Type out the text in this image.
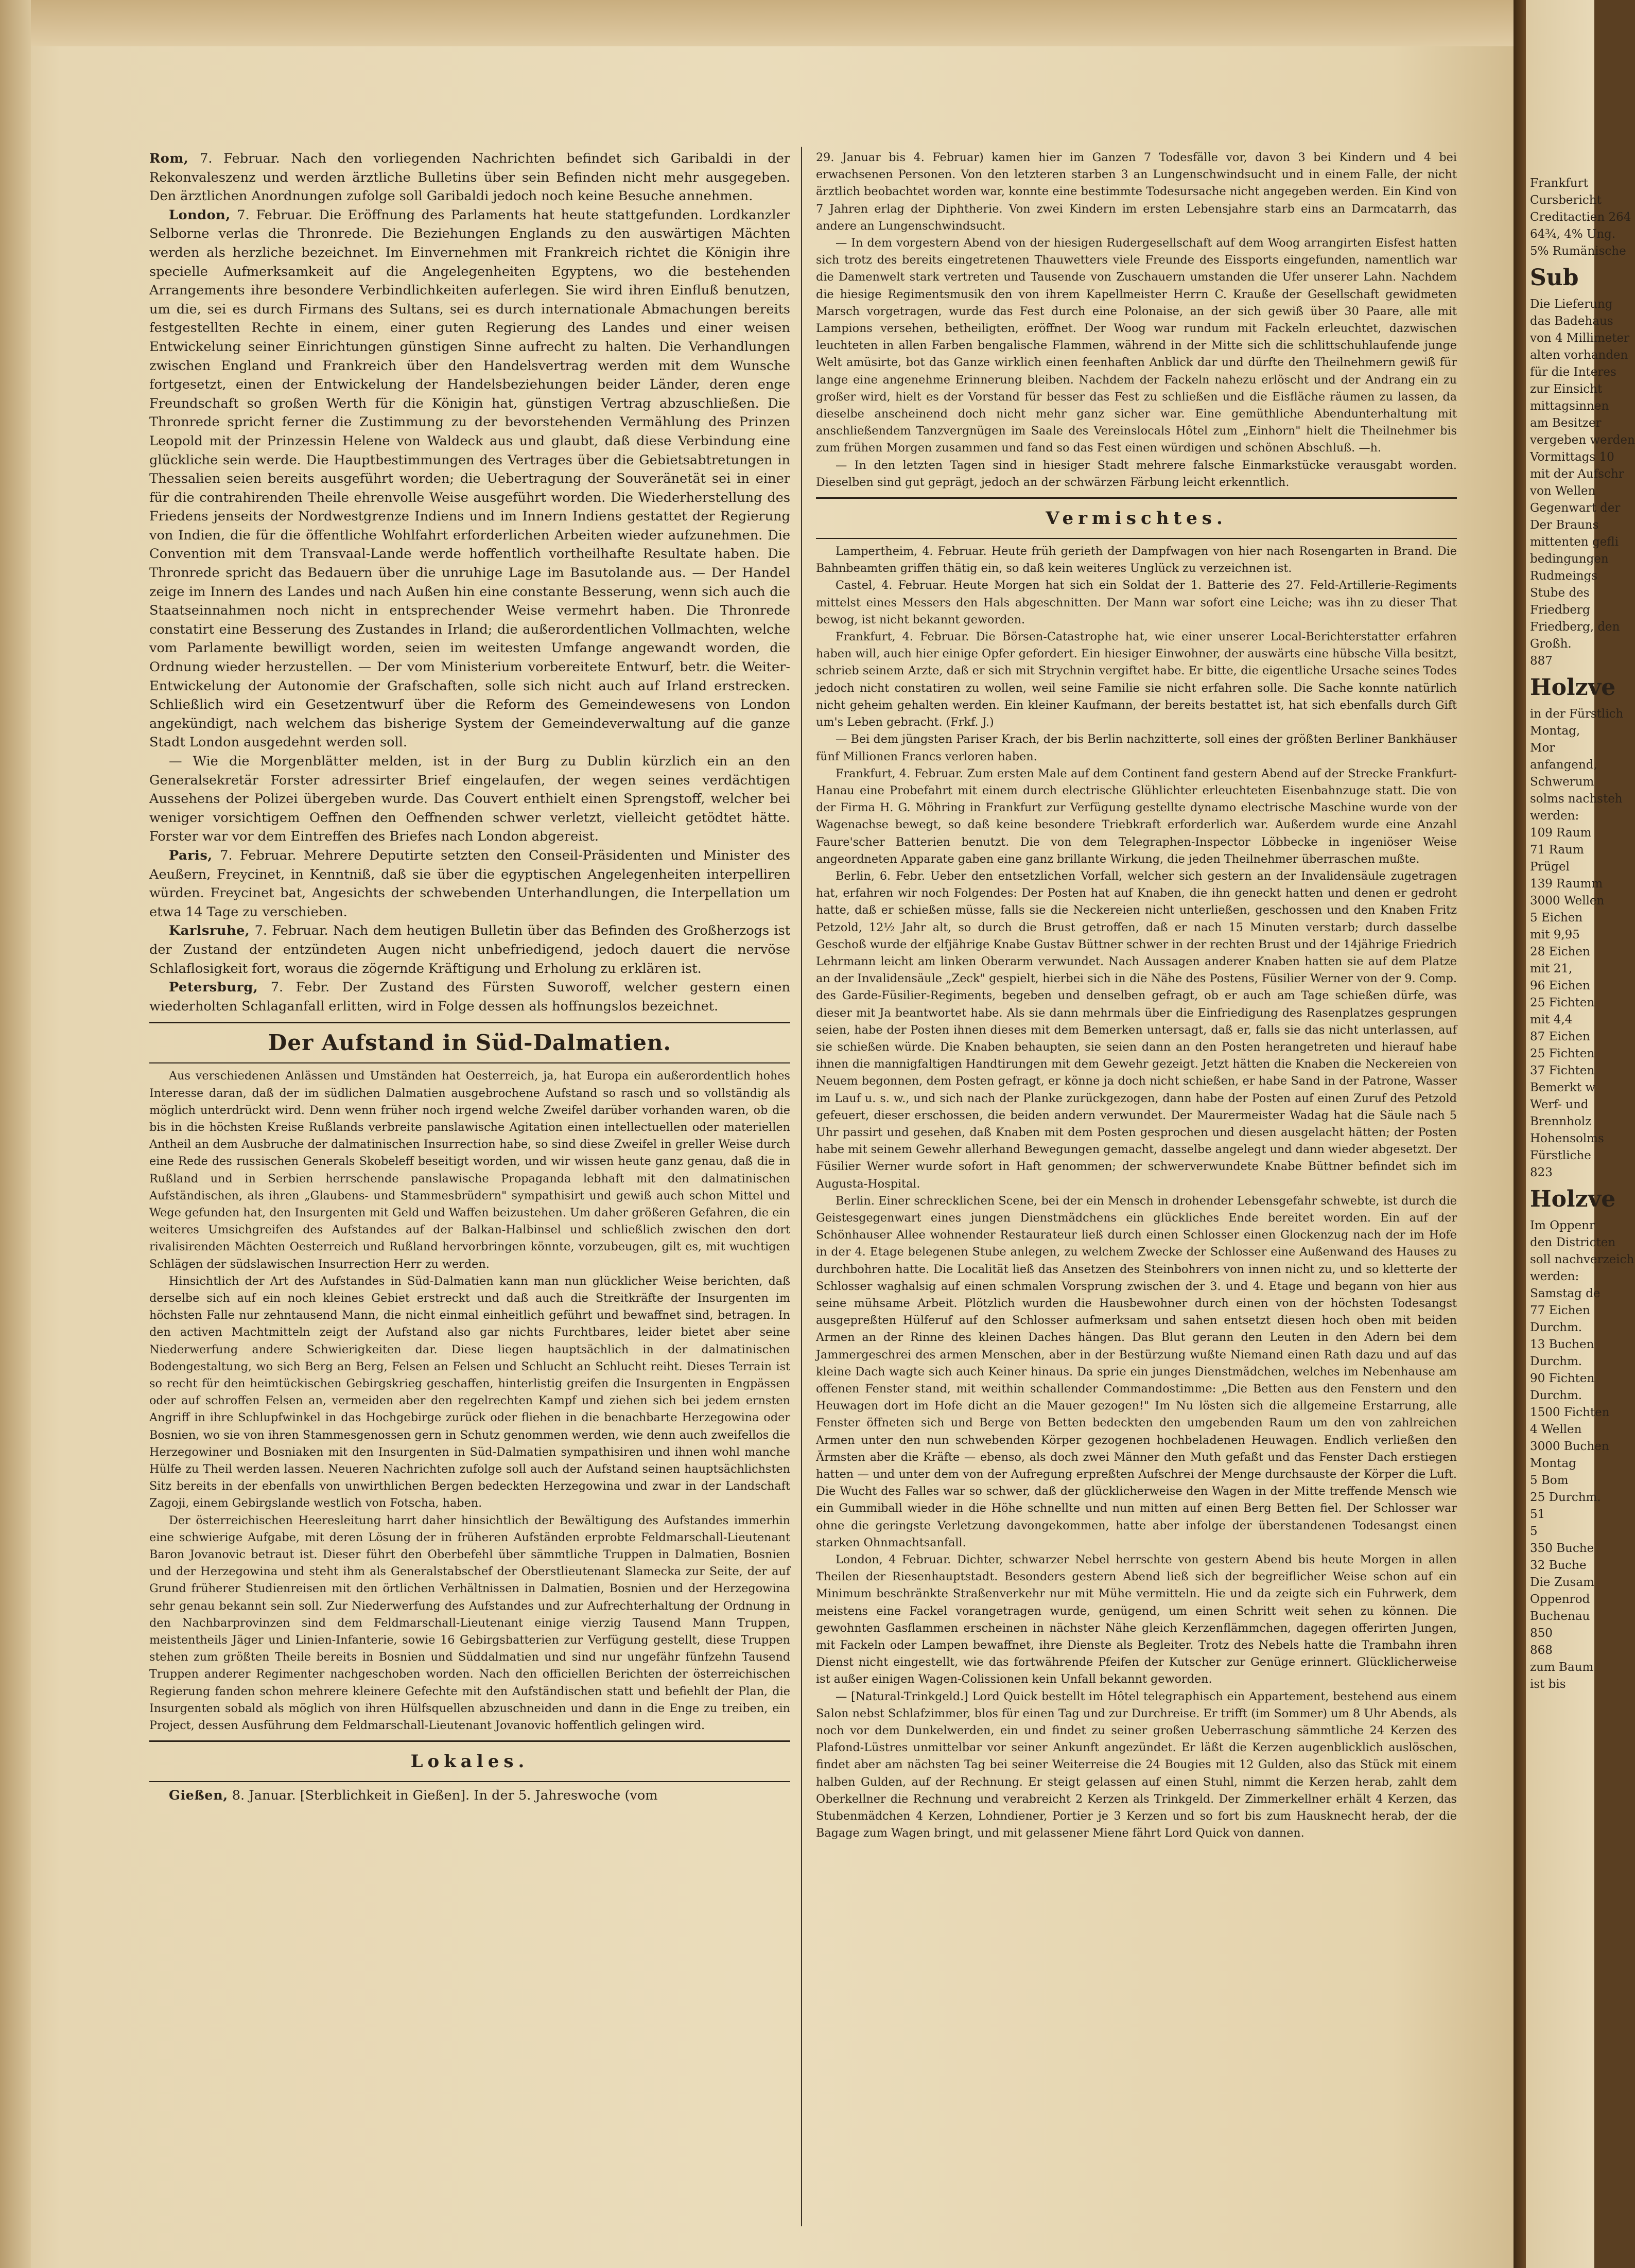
Rom, 7. Februar. Nach den vorliegenden Nachrichten befindet sich Garibaldi in der Rekonvaleszenz und werden ärztliche Bulletins über sein Befinden nicht mehr ausgegeben. Den ärztlichen Anordnungen zufolge soll Garibaldi jedoch noch keine Besuche annehmen.

London, 7. Februar. Die Eröffnung des Parlaments hat heute stattgefunden. Lordkanzler Selborne verlas die Thronrede. Die Beziehungen Englands zu den auswärtigen Mächten werden als herzliche bezeichnet. Im Einvernehmen mit Frankreich richtet die Königin ihre specielle Aufmerksamkeit auf die Angelegenheiten Egyptens, wo die bestehenden Arrangements ihre besondere Verbindlichkeiten auferlegen. Sie wird ihren Einfluß benutzen, um die, sei es durch Firmans des Sultans, sei es durch internationale Abmachungen bereits festgestellten Rechte in einem, einer guten Regierung des Landes und einer weisen Entwickelung seiner Einrichtungen günstigen Sinne aufrecht zu halten. Die Verhandlungen zwischen England und Frankreich über den Handelsvertrag werden mit dem Wunsche fortgesetzt, einen der Entwickelung der Handelsbeziehungen beider Länder, deren enge Freundschaft so großen Werth für die Königin hat, günstigen Vertrag abzuschließen. Die Thronrede spricht ferner die Zustimmung zu der bevorstehenden Vermählung des Prinzen Leopold mit der Prinzessin Helene von Waldeck aus und glaubt, daß diese Verbindung eine glückliche sein werde. Die Hauptbestimmungen des Vertrages über die Gebietsabtretungen in Thessalien seien bereits ausgeführt worden; die Uebertragung der Souveränetät sei in einer für die contrahirenden Theile ehrenvolle Weise ausgeführt worden. Die Wiederherstellung des Friedens jenseits der Nordwestgrenze Indiens und im Innern Indiens gestattet der Regierung von Indien, die für die öffentliche Wohlfahrt erforderlichen Arbeiten wieder aufzunehmen. Die Convention mit dem Transvaal-Lande werde hoffentlich vortheilhafte Resultate haben. Die Thronrede spricht das Bedauern über die unruhige Lage im Basutolande aus. — Der Handel zeige im Innern des Landes und nach Außen hin eine constante Besserung, wenn sich auch die Staatseinnahmen noch nicht in entsprechender Weise vermehrt haben. Die Thronrede constatirt eine Besserung des Zustandes in Irland; die außerordentlichen Vollmachten, welche vom Parlamente bewilligt worden, seien im weitesten Umfange angewandt worden, die Ordnung wieder herzustellen. — Der vom Ministerium vorbereitete Entwurf, betr. die Weiter-Entwickelung der Autonomie der Grafschaften, solle sich nicht auch auf Irland erstrecken. Schließlich wird ein Gesetzentwurf über die Reform des Gemeindewesens von London angekündigt, nach welchem das bisherige System der Gemeindeverwaltung auf die ganze Stadt London ausgedehnt werden soll.

— Wie die Morgenblätter melden, ist in der Burg zu Dublin kürzlich ein an den Generalsekretär Forster adressirter Brief eingelaufen, der wegen seines verdächtigen Aussehens der Polizei übergeben wurde. Das Couvert enthielt einen Sprengstoff, welcher bei weniger vorsichtigem Oeffnen den Oeffnenden schwer verletzt, vielleicht getödtet hätte. Forster war vor dem Eintreffen des Briefes nach London abgereist.

Paris, 7. Februar. Mehrere Deputirte setzten den Conseil-Präsidenten und Minister des Aeußern, Freycinet, in Kenntniß, daß sie über die egyptischen Angelegenheiten interpelliren würden. Freycinet bat, Angesichts der schwebenden Unterhandlungen, die Interpellation um etwa 14 Tage zu verschieben.

Karlsruhe, 7. Februar. Nach dem heutigen Bulletin über das Befinden des Großherzogs ist der Zustand der entzündeten Augen nicht unbefriedigend, jedoch dauert die nervöse Schlaflosigkeit fort, woraus die zögernde Kräftigung und Erholung zu erklären ist.

Petersburg, 7. Febr. Der Zustand des Fürsten Suworoff, welcher gestern einen wiederholten Schlaganfall erlitten, wird in Folge dessen als hoffnungslos bezeichnet.

Der Aufstand in Süd-Dalmatien.

Aus verschiedenen Anlässen und Umständen hat Oesterreich, ja, hat Europa ein außerordentlich hohes Interesse daran, daß der im südlichen Dalmatien ausgebrochene Aufstand so rasch und so vollständig als möglich unterdrückt wird. Denn wenn früher noch irgend welche Zweifel darüber vorhanden waren, ob die bis in die höchsten Kreise Rußlands verbreite panslawische Agitation einen intellectuellen oder materiellen Antheil an dem Ausbruche der dalmatinischen Insurrection habe, so sind diese Zweifel in greller Weise durch eine Rede des russischen Generals Skobeleff beseitigt worden, und wir wissen heute ganz genau, daß die in Rußland und in Serbien herrschende panslawische Propaganda lebhaft mit den dalmatinischen Aufständischen, als ihren „Glaubens- und Stammesbrüdern" sympathisirt und gewiß auch schon Mittel und Wege gefunden hat, den Insurgenten mit Geld und Waffen beizustehen. Um daher größeren Gefahren, die ein weiteres Umsichgreifen des Aufstandes auf der Balkan-Halbinsel und schließlich zwischen den dort rivalisirenden Mächten Oesterreich und Rußland hervorbringen könnte, vorzubeugen, gilt es, mit wuchtigen Schlägen der südslawischen Insurrection Herr zu werden.

Hinsichtlich der Art des Aufstandes in Süd-Dalmatien kann man nun glücklicher Weise berichten, daß derselbe sich auf ein noch kleines Gebiet erstreckt und daß auch die Streitkräfte der Insurgenten im höchsten Falle nur zehntausend Mann, die nicht einmal einheitlich geführt und bewaffnet sind, betragen. In den activen Machtmitteln zeigt der Aufstand also gar nichts Furchtbares, leider bietet aber seine Niederwerfung andere Schwierigkeiten dar. Diese liegen hauptsächlich in der dalmatinischen Bodengestaltung, wo sich Berg an Berg, Felsen an Felsen und Schlucht an Schlucht reiht. Dieses Terrain ist so recht für den heimtückischen Gebirgskrieg geschaffen, hinterlistig greifen die Insurgenten in Engpässen oder auf schroffen Felsen an, vermeiden aber den regelrechten Kampf und ziehen sich bei jedem ernsten Angriff in ihre Schlupfwinkel in das Hochgebirge zurück oder fliehen in die benachbarte Herzegowina oder Bosnien, wo sie von ihren Stammesgenossen gern in Schutz genommen werden, wie denn auch zweifellos die Herzegowiner und Bosniaken mit den Insurgenten in Süd-Dalmatien sympathisiren und ihnen wohl manche Hülfe zu Theil werden lassen. Neueren Nachrichten zufolge soll auch der Aufstand seinen hauptsächlichsten Sitz bereits in der ebenfalls von unwirthlichen Bergen bedeckten Herzegowina und zwar in der Landschaft Zagoji, einem Gebirgslande westlich von Fotscha, haben.

Der österreichischen Heeresleitung harrt daher hinsichtlich der Bewältigung des Aufstandes immerhin eine schwierige Aufgabe, mit deren Lösung der in früheren Aufständen erprobte Feldmarschall-Lieutenant Baron Jovanovic betraut ist. Dieser führt den Oberbefehl über sämmtliche Truppen in Dalmatien, Bosnien und der Herzegowina und steht ihm als Generalstabschef der Oberstlieutenant Slamecka zur Seite, der auf Grund früherer Studienreisen mit den örtlichen Verhältnissen in Dalmatien, Bosnien und der Herzegowina sehr genau bekannt sein soll. Zur Niederwerfung des Aufstandes und zur Aufrechterhaltung der Ordnung in den Nachbarprovinzen sind dem Feldmarschall-Lieutenant einige vierzig Tausend Mann Truppen, meistentheils Jäger und Linien-Infanterie, sowie 16 Gebirgsbatterien zur Verfügung gestellt, diese Truppen stehen zum größten Theile bereits in Bosnien und Süddalmatien und sind nur ungefähr fünfzehn Tausend Truppen anderer Regimenter nachgeschoben worden. Nach den officiellen Berichten der österreichischen Regierung fanden schon mehrere kleinere Gefechte mit den Aufständischen statt und befiehlt der Plan, die Insurgenten sobald als möglich von ihren Hülfsquellen abzuschneiden und dann in die Enge zu treiben, ein Project, dessen Ausführung dem Feldmarschall-Lieutenant Jovanovic hoffentlich gelingen wird.

Lokales.

Gießen, 8. Januar. [Sterblichkeit in Gießen]. In der 5. Jahreswoche (vom

29. Januar bis 4. Februar) kamen hier im Ganzen 7 Todesfälle vor, davon 3 bei Kindern und 4 bei erwachsenen Personen. Von den letzteren starben 3 an Lungenschwindsucht und in einem Falle, der nicht ärztlich beobachtet worden war, konnte eine bestimmte Todesursache nicht angegeben werden. Ein Kind von 7 Jahren erlag der Diphtherie. Von zwei Kindern im ersten Lebensjahre starb eins an Darmcatarrh, das andere an Lungenschwindsucht.

— In dem vorgestern Abend von der hiesigen Rudergesellschaft auf dem Woog arrangirten Eisfest hatten sich trotz des bereits eingetretenen Thauwetters viele Freunde des Eissports eingefunden, namentlich war die Damenwelt stark vertreten und Tausende von Zuschauern umstanden die Ufer unserer Lahn. Nachdem die hiesige Regimentsmusik den von ihrem Kapellmeister Herrn C. Krauße der Gesellschaft gewidmeten Marsch vorgetragen, wurde das Fest durch eine Polonaise, an der sich gewiß über 30 Paare, alle mit Lampions versehen, betheiligten, eröffnet. Der Woog war rundum mit Fackeln erleuchtet, dazwischen leuchteten in allen Farben bengalische Flammen, während in der Mitte sich die schlittschuhlaufende junge Welt amüsirte, bot das Ganze wirklich einen feenhaften Anblick dar und dürfte den Theilnehmern gewiß für lange eine angenehme Erinnerung bleiben. Nachdem der Fackeln nahezu erlöscht und der Andrang ein zu großer wird, hielt es der Vorstand für besser das Fest zu schließen und die Eisfläche räumen zu lassen, da dieselbe anscheinend doch nicht mehr ganz sicher war. Eine gemüthliche Abendunterhaltung mit anschließendem Tanzvergnügen im Saale des Vereinslocals Hôtel zum „Einhorn" hielt die Theilnehmer bis zum frühen Morgen zusammen und fand so das Fest einen würdigen und schönen Abschluß. —h.

— In den letzten Tagen sind in hiesiger Stadt mehrere falsche Einmarkstücke verausgabt worden. Dieselben sind gut geprägt, jedoch an der schwärzen Färbung leicht erkenntlich.

Vermischtes.

Lampertheim, 4. Februar. Heute früh gerieth der Dampfwagen von hier nach Rosengarten in Brand. Die Bahnbeamten griffen thätig ein, so daß kein weiteres Unglück zu verzeichnen ist.

Castel, 4. Februar. Heute Morgen hat sich ein Soldat der 1. Batterie des 27. Feld-Artillerie-Regiments mittelst eines Messers den Hals abgeschnitten. Der Mann war sofort eine Leiche; was ihn zu dieser That bewog, ist nicht bekannt geworden.

Frankfurt, 4. Februar. Die Börsen-Catastrophe hat, wie einer unserer Local-Berichterstatter erfahren haben will, auch hier einige Opfer gefordert. Ein hiesiger Einwohner, der auswärts eine hübsche Villa besitzt, schrieb seinem Arzte, daß er sich mit Strychnin vergiftet habe. Er bitte, die eigentliche Ursache seines Todes jedoch nicht constatiren zu wollen, weil seine Familie sie nicht erfahren solle. Die Sache konnte natürlich nicht geheim gehalten werden. Ein kleiner Kaufmann, der bereits bestattet ist, hat sich ebenfalls durch Gift um's Leben gebracht. (Frkf. J.)

— Bei dem jüngsten Pariser Krach, der bis Berlin nachzitterte, soll eines der größten Berliner Bankhäuser fünf Millionen Francs verloren haben.

Frankfurt, 4. Februar. Zum ersten Male auf dem Continent fand gestern Abend auf der Strecke Frankfurt-Hanau eine Probefahrt mit einem durch electrische Glühlichter erleuchteten Eisenbahnzuge statt. Die von der Firma H. G. Möhring in Frankfurt zur Verfügung gestellte dynamo electrische Maschine wurde von der Wagenachse bewegt, so daß keine besondere Triebkraft erforderlich war. Außerdem wurde eine Anzahl Faure'scher Batterien benutzt. Die von dem Telegraphen-Inspector Löbbecke in ingeniöser Weise angeordneten Apparate gaben eine ganz brillante Wirkung, die jeden Theilnehmer überraschen mußte.

Berlin, 6. Febr. Ueber den entsetzlichen Vorfall, welcher sich gestern an der Invalidensäule zugetragen hat, erfahren wir noch Folgendes: Der Posten hat auf Knaben, die ihn geneckt hatten und denen er gedroht hatte, daß er schießen müsse, falls sie die Neckereien nicht unterließen, geschossen und den Knaben Fritz Petzold, 12½ Jahr alt, so durch die Brust getroffen, daß er nach 15 Minuten verstarb; durch dasselbe Geschoß wurde der elfjährige Knabe Gustav Büttner schwer in der rechten Brust und der 14jährige Friedrich Lehrmann leicht am linken Oberarm verwundet. Nach Aussagen anderer Knaben hatten sie auf dem Platze an der Invalidensäule „Zeck" gespielt, hierbei sich in die Nähe des Postens, Füsilier Werner von der 9. Comp. des Garde-Füsilier-Regiments, begeben und denselben gefragt, ob er auch am Tage schießen dürfe, was dieser mit Ja beantwortet habe. Als sie dann mehrmals über die Einfriedigung des Rasenplatzes gesprungen seien, habe der Posten ihnen dieses mit dem Bemerken untersagt, daß er, falls sie das nicht unterlassen, auf sie schießen würde. Die Knaben behaupten, sie seien dann an den Posten herangetreten und hierauf habe ihnen die mannigfaltigen Handtirungen mit dem Gewehr gezeigt. Jetzt hätten die Knaben die Neckereien von Neuem begonnen, dem Posten gefragt, er könne ja doch nicht schießen, er habe Sand in der Patrone, Wasser im Lauf u. s. w., und sich nach der Planke zurückgezogen, dann habe der Posten auf einen Zuruf des Petzold gefeuert, dieser erschossen, die beiden andern verwundet. Der Maurermeister Wadag hat die Säule nach 5 Uhr passirt und gesehen, daß Knaben mit dem Posten gesprochen und diesen ausgelacht hätten; der Posten habe mit seinem Gewehr allerhand Bewegungen gemacht, dasselbe angelegt und dann wieder abgesetzt. Der Füsilier Werner wurde sofort in Haft genommen; der schwerverwundete Knabe Büttner befindet sich im Augusta-Hospital.

Berlin. Einer schrecklichen Scene, bei der ein Mensch in drohender Lebensgefahr schwebte, ist durch die Geistesgegenwart eines jungen Dienstmädchens ein glückliches Ende bereitet worden. Ein auf der Schönhauser Allee wohnender Restaurateur ließ durch einen Schlosser einen Glockenzug nach der im Hofe in der 4. Etage belegenen Stube anlegen, zu welchem Zwecke der Schlosser eine Außenwand des Hauses zu durchbohren hatte. Die Localität ließ das Ansetzen des Steinbohrers von innen nicht zu, und so kletterte der Schlosser waghalsig auf einen schmalen Vorsprung zwischen der 3. und 4. Etage und begann von hier aus seine mühsame Arbeit. Plötzlich wurden die Hausbewohner durch einen von der höchsten Todesangst ausgepreßten Hülferuf auf den Schlosser aufmerksam und sahen entsetzt diesen hoch oben mit beiden Armen an der Rinne des kleinen Daches hängen. Das Blut gerann den Leuten in den Adern bei dem Jammergeschrei des armen Menschen, aber in der Bestürzung wußte Niemand einen Rath dazu und auf das kleine Dach wagte sich auch Keiner hinaus. Da sprie ein junges Dienstmädchen, welches im Nebenhause am offenen Fenster stand, mit weithin schallender Commandostimme: „Die Betten aus den Fenstern und den Heuwagen dort im Hofe dicht an die Mauer gezogen!" Im Nu lösten sich die allgemeine Erstarrung, alle Fenster öffneten sich und Berge von Betten bedeckten den umgebenden Raum um den von zahlreichen Armen unter den nun schwebenden Körper gezogenen hochbeladenen Heuwagen. Endlich verließen den Ärmsten aber die Kräfte — ebenso, als doch zwei Männer den Muth gefaßt und das Fenster Dach erstiegen hatten — und unter dem von der Aufregung erpreßten Aufschrei der Menge durchsauste der Körper die Luft. Die Wucht des Falles war so schwer, daß der glücklicherweise den Wagen in der Mitte treffende Mensch wie ein Gummiball wieder in die Höhe schnellte und nun mitten auf einen Berg Betten fiel. Der Schlosser war ohne die geringste Verletzung davongekommen, hatte aber infolge der überstandenen Todesangst einen starken Ohnmachtsanfall.

London, 4 Februar. Dichter, schwarzer Nebel herrschte von gestern Abend bis heute Morgen in allen Theilen der Riesenhauptstadt. Besonders gestern Abend ließ sich der begreiflicher Weise schon auf ein Minimum beschränkte Straßenverkehr nur mit Mühe vermitteln. Hie und da zeigte sich ein Fuhrwerk, dem meistens eine Fackel vorangetragen wurde, genügend, um einen Schritt weit sehen zu können. Die gewohnten Gasflammen erscheinen in nächster Nähe gleich Kerzenflämmchen, dagegen offerirten Jungen, mit Fackeln oder Lampen bewaffnet, ihre Dienste als Begleiter. Trotz des Nebels hatte die Trambahn ihren Dienst nicht eingestellt, wie das fortwährende Pfeifen der Kutscher zur Genüge erinnert. Glücklicherweise ist außer einigen Wagen-Colissionen kein Unfall bekannt geworden.

— [Natural-Trinkgeld.] Lord Quick bestellt im Hôtel telegraphisch ein Appartement, bestehend aus einem Salon nebst Schlafzimmer, blos für einen Tag und zur Durchreise. Er trifft (im Sommer) um 8 Uhr Abends, als noch vor dem Dunkelwerden, ein und findet zu seiner großen Ueberraschung sämmtliche 24 Kerzen des Plafond-Lüstres unmittelbar vor seiner Ankunft angezündet. Er läßt die Kerzen augenblicklich auslöschen, findet aber am nächsten Tag bei seiner Weiterreise die 24 Bougies mit 12 Gulden, also das Stück mit einem halben Gulden, auf der Rechnung. Er steigt gelassen auf einen Stuhl, nimmt die Kerzen herab, zahlt dem Oberkellner die Rechnung und verabreicht 2 Kerzen als Trinkgeld. Der Zimmerkellner erhält 4 Kerzen, das Stubenmädchen 4 Kerzen, Lohndiener, Portier je 3 Kerzen und so fort bis zum Hausknecht herab, der die Bagage zum Wagen bringt, und mit gelassener Miene fährt Lord Quick von dannen.

Frankfurt
Cursbericht
Creditactien 264
64¾, 4% Ung.
5% Rumänische
Sub
Die Lieferung
das Badehaus
von 4 Millimeter
alten vorhanden
für die Interes
zur Einsicht
mittagsinnen
am Besitzer
vergeben werden
Vormittags 10
mit der Aufschr
von Wellen
Gegenwart der
Der Brauns
mittenten gefli
bedingungen
Rudmeings
Stube des
Friedberg
Friedberg, den
Großh.
887
Holzve
in der Fürstlich
Montag,
Mor
anfangend,
Schwerum
solms nachsteh
werden:
109 Raum
71 Raum
Prügel
139 Raumm
3000 Wellen
5 Eichen
mit 9,95
28 Eichen
mit 21,
96 Eichen
25 Fichten
mit 4,4
87 Eichen
25 Fichten
37 Fichten
Bemerkt w
Werf- und
Brennholz
Hohensolms
Fürstliche
823
Holzve
Im Oppenr
den Districten
soll nachverzeich
werden:
Samstag de
77 Eichen
Durchm.
13 Buchen
Durchm.
90 Fichten
Durchm.
1500 Fichten
4 Wellen
3000 Buchen
Montag
5 Bom
25 Durchm.
51
5
350 Buche
32 Buche
Die Zusam
Oppenrod
Buchenau
850
868
zum Baum
ist bis
